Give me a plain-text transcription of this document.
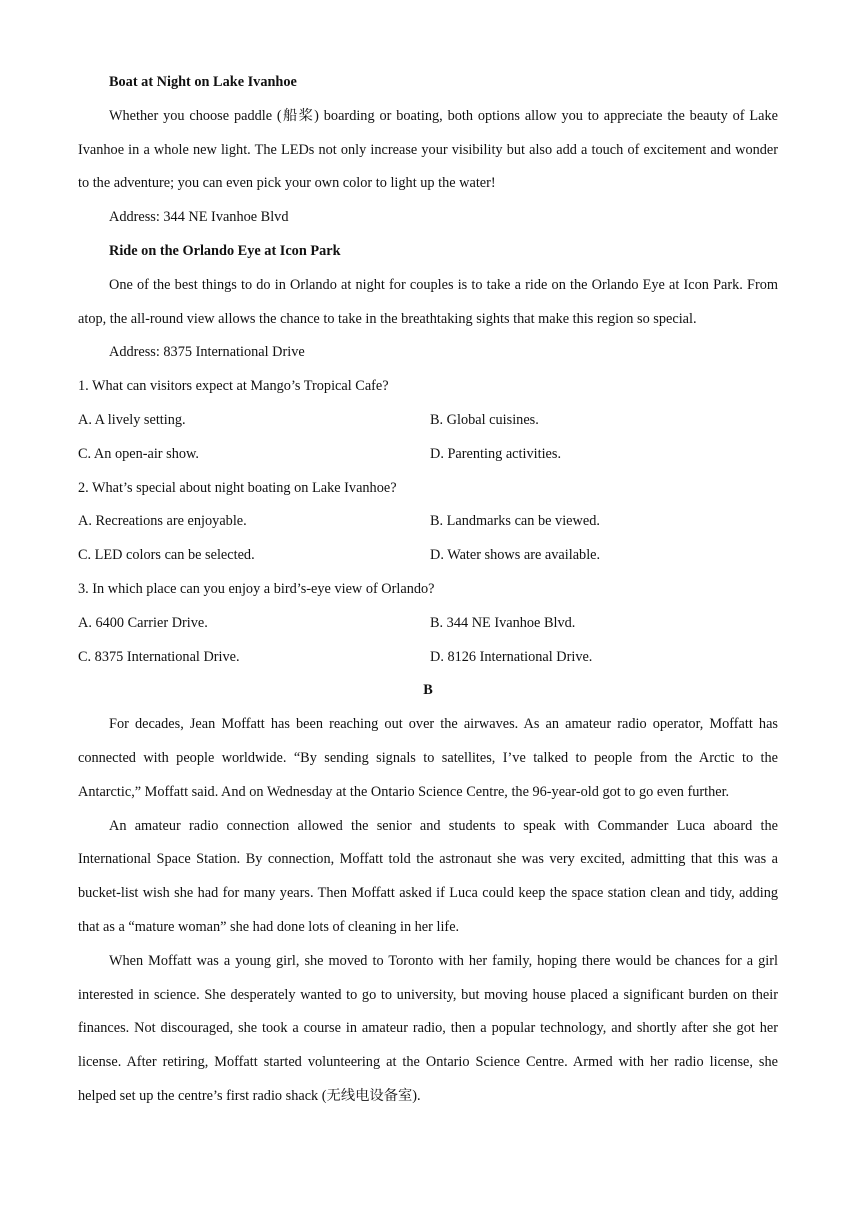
Boat at Night on Lake Ivanhoe

Whether you choose paddle (船桨) boarding or boating, both options allow you to appreciate the beauty of Lake Ivanhoe in a whole new light. The LEDs not only increase your visibility but also add a touch of excitement and wonder to the adventure; you can even pick your own color to light up the water!

Address: 344 NE Ivanhoe Blvd

Ride on the Orlando Eye at Icon Park

One of the best things to do in Orlando at night for couples is to take a ride on the Orlando Eye at Icon Park. From atop, the all-round view allows the chance to take in the breathtaking sights that make this region so special.

Address: 8375 International Drive

1. What can visitors expect at Mango’s Tropical Cafe?

A. A lively setting.	B. Global cuisines.
C. An open-air show.	D. Parenting activities.

2. What’s special about night boating on Lake Ivanhoe?

A. Recreations are enjoyable.	B. Landmarks can be viewed.
C. LED colors can be selected.	D. Water shows are available.

3. In which place can you enjoy a bird’s-eye view of Orlando?

A. 6400 Carrier Drive.	B. 344 NE Ivanhoe Blvd.
C. 8375 International Drive.	D. 8126 International Drive.

B

For decades, Jean Moffatt has been reaching out over the airwaves. As an amateur radio operator, Moffatt has connected with people worldwide. “By sending signals to satellites, I’ve talked to people from the Arctic to the Antarctic,” Moffatt said. And on Wednesday at the Ontario Science Centre, the 96-year-old got to go even further.

An amateur radio connection allowed the senior and students to speak with Commander Luca aboard the International Space Station. By connection, Moffatt told the astronaut she was very excited, admitting that this was a bucket-list wish she had for many years. Then Moffatt asked if Luca could keep the space station clean and tidy, adding that as a “mature woman” she had done lots of cleaning in her life.

When Moffatt was a young girl, she moved to Toronto with her family, hoping there would be chances for a girl interested in science. She desperately wanted to go to university, but moving house placed a significant burden on their finances. Not discouraged, she took a course in amateur radio, then a popular technology, and shortly after she got her license. After retiring, Moffatt started volunteering at the Ontario Science Centre. Armed with her radio license, she helped set up the centre’s first radio shack (无线电设备室).
